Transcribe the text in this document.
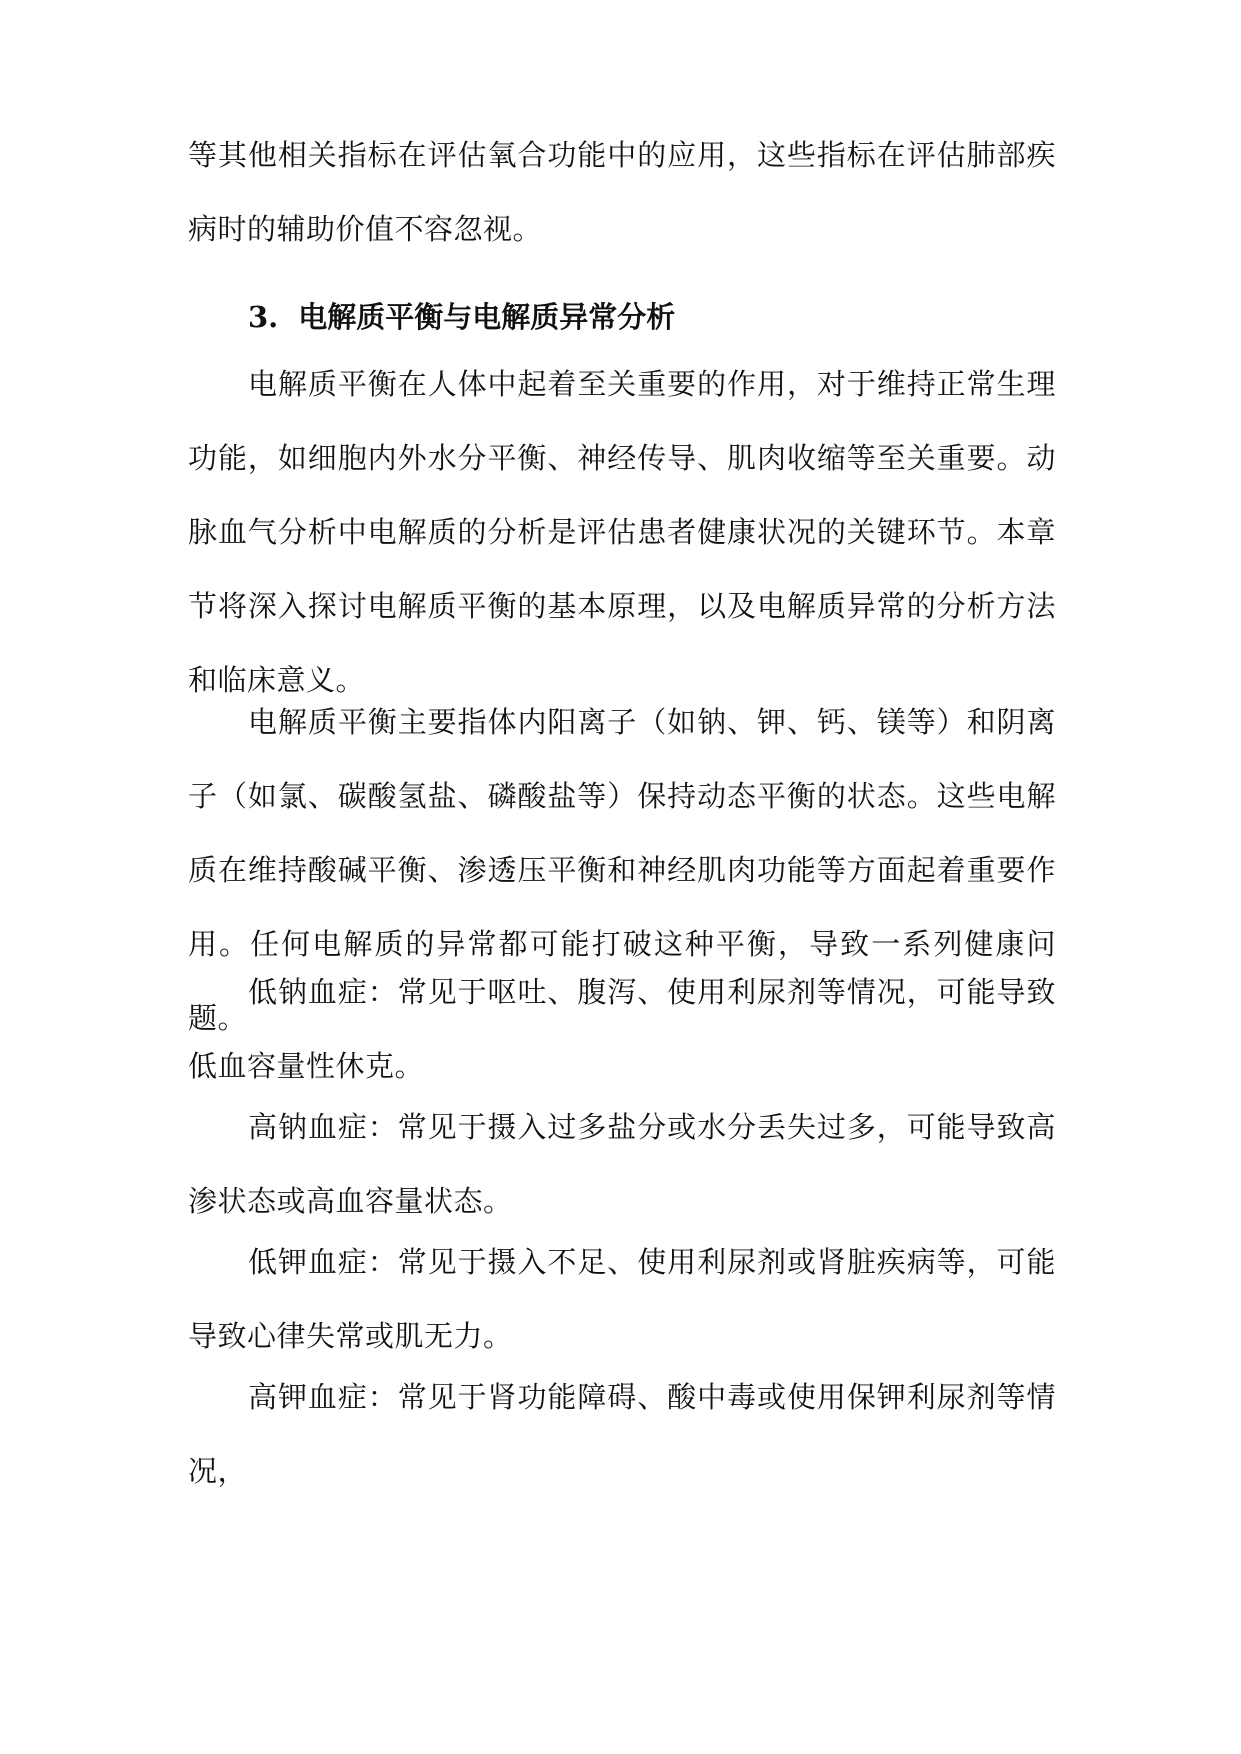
等其他相关指标在评估氧合功能中的应用，这些指标在评估肺部疾病时的辅助价值不容忽视。

3. 电解质平衡与电解质异常分析

电解质平衡在人体中起着至关重要的作用，对于维持正常生理功能，如细胞内外水分平衡、神经传导、肌肉收缩等至关重要。动脉血气分析中电解质的分析是评估患者健康状况的关键环节。本章节将深入探讨电解质平衡的基本原理，以及电解质异常的分析方法和临床意义。

电解质平衡主要指体内阳离子（如钠、钾、钙、镁等）和阴离子（如氯、碳酸氢盐、磷酸盐等）保持动态平衡的状态。这些电解质在维持酸碱平衡、渗透压平衡和神经肌肉功能等方面起着重要作用。任何电解质的异常都可能打破这种平衡，导致一系列健康问题。

低钠血症：常见于呕吐、腹泻、使用利尿剂等情况，可能导致低血容量性休克。

高钠血症：常见于摄入过多盐分或水分丢失过多，可能导致高渗状态或高血容量状态。

低钾血症：常见于摄入不足、使用利尿剂或肾脏疾病等，可能导致心律失常或肌无力。

高钾血症：常见于肾功能障碍、酸中毒或使用保钾利尿剂等情况，
